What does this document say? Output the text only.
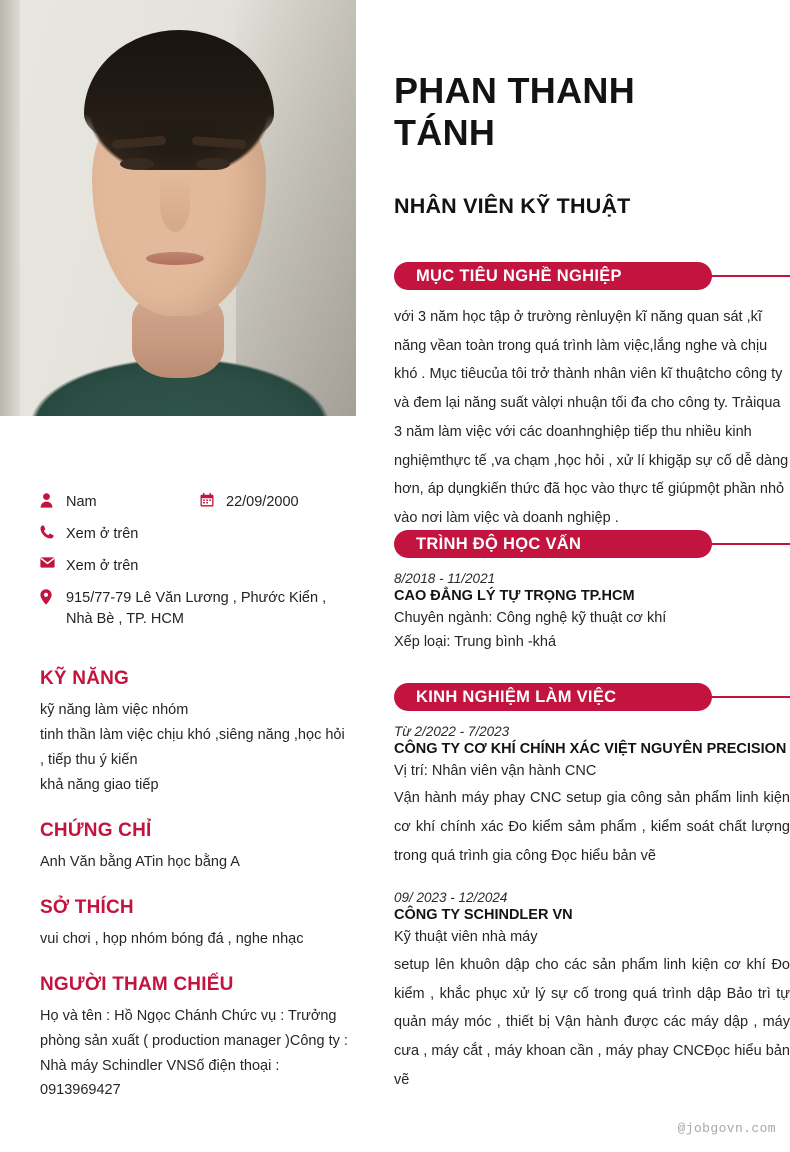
Nam	22/09/2000
Xem ở trên
Xem ở trên
915/77-79 Lê Văn Lương , Phước Kiển , Nhà Bè , TP. HCM
KỸ NĂNG
kỹ năng làm việc nhóm
tinh thần làm việc chịu khó ,siêng năng ,học hỏi , tiếp thu ý kiến
khả năng giao tiếp
CHỨNG CHỈ
Anh Văn bằng ATin học bằng A
SỞ THÍCH
vui chơi , họp nhóm bóng đá , nghe nhạc
NGƯỜI THAM CHIẾU
Họ và tên : Hồ Ngọc Chánh Chức vụ : Trưởng phòng sản xuất ( production manager )Công ty : Nhà máy Schindler VNSố điện thoại : 0913969427
PHAN THANH TÁNH
NHÂN VIÊN KỸ THUẬT
MỤC TIÊU NGHỀ NGHIỆP
với 3 năm học tập ở trường rènluyện kĩ năng quan sát ,kĩ năng vềan toàn trong quá trình làm việc,lắng nghe và chịu khó . Mục tiêucủa tôi trở thành nhân viên kĩ thuậtcho công ty và đem lại năng suất vàlợi nhuận tối đa cho công ty. Trảiqua 3 năm làm việc với các doanhnghiệp tiếp thu nhiều kinh nghiệmthực tế ,va chạm ,học hỏi , xử lí khigặp sự cố dễ dàng hơn, áp dụngkiến thức đã học vào thực tế giúpmột phần nhỏ vào nơi làm việc và doanh nghiệp .
TRÌNH ĐỘ HỌC VẤN
8/2018 - 11/2021
CAO ĐẲNG LÝ TỰ TRỌNG TP.HCM
Chuyên ngành: Công nghệ kỹ thuật cơ khí
Xếp loại: Trung bình -khá
KINH NGHIỆM LÀM VIỆC
Từ 2/2022 - 7/2023
CÔNG TY CƠ KHÍ CHÍNH XÁC VIỆT NGUYÊN PRECISION
Vị trí: Nhân viên vận hành CNC
Vận hành máy phay CNC setup gia công sản phẩm linh kiện cơ khí chính xác Đo kiểm sảm phẩm , kiểm soát chất lượng trong quá trình gia công Đọc hiểu bản vẽ
09/ 2023 - 12/2024
CÔNG TY SCHINDLER VN
Kỹ thuật viên nhà máy
setup lên khuôn dập cho các sản phẩm linh kiện cơ khí Đo kiểm , khắc phục xử lý sự cố trong quá trình dập Bảo trì tự quản máy móc , thiết bị Vận hành được các máy dập , máy cưa , máy cắt , máy khoan cần , máy phay CNCĐọc hiểu bản vẽ
@jobgovn.com
